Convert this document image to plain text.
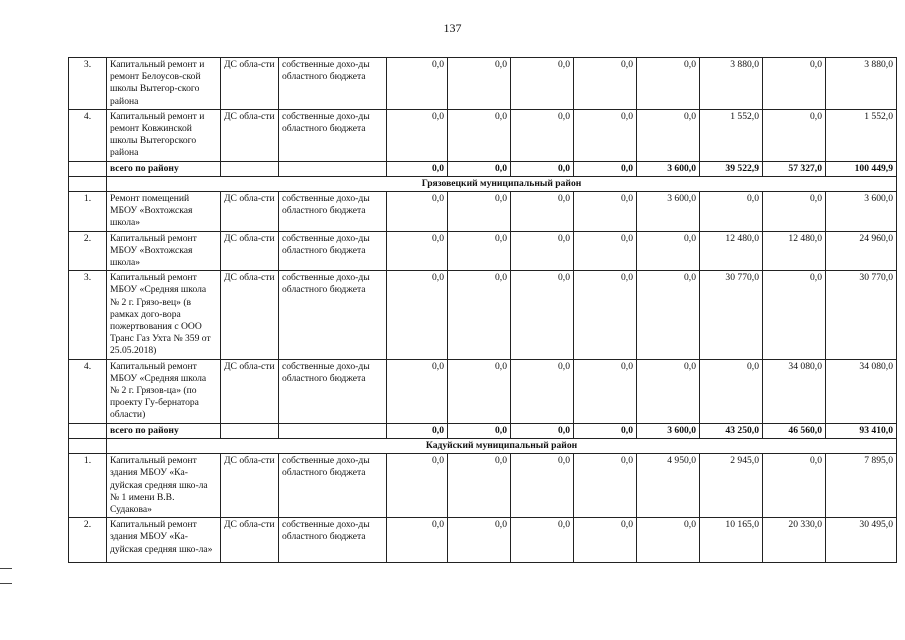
137
3.	Капитальный ремонт и ремонт Белоусов-ской школы Вытегор-ского района	ДС обла-сти	собственные дохо-ды областного бюджета	0,0	0,0	0,0	0,0	0,0	3 880,0	0,0	3 880,0
4.	Капитальный ремонт и ремонт Ковжинской школы Вытегорского района	ДС обла-сти	собственные дохо-ды областного бюджета	0,0	0,0	0,0	0,0	0,0	1 552,0	0,0	1 552,0
	всего по району			0,0	0,0	0,0	0,0	3 600,0	39 522,9	57 327,0	100 449,9
	Грязовецкий муниципальный район										
1.	Ремонт помещений МБОУ «Вохтожская школа»	ДС обла-сти	собственные дохо-ды областного бюджета	0,0	0,0	0,0	0,0	3 600,0	0,0	0,0	3 600,0
2.	Капитальный ремонт МБОУ «Вохтожская школа»	ДС обла-сти	собственные дохо-ды областного бюджета	0,0	0,0	0,0	0,0	0,0	12 480,0	12 480,0	24 960,0
3.	Капитальный ремонт МБОУ «Средняя школа № 2 г. Грязо-вец» (в рамках дого-вора пожертвования с ООО Транс Газ Ухта № 359 от 25.05.2018)	ДС обла-сти	собственные дохо-ды областного бюджета	0,0	0,0	0,0	0,0	0,0	30 770,0	0,0	30 770,0
4.	Капитальный ремонт МБОУ «Средняя школа № 2 г. Грязов-ца» (по проекту Гу-бернатора области)	ДС обла-сти	собственные дохо-ды областного бюджета	0,0	0,0	0,0	0,0	0,0	0,0	34 080,0	34 080,0
	всего по району			0,0	0,0	0,0	0,0	3 600,0	43 250,0	46 560,0	93 410,0
	Кадуйский муниципальный район										
1.	Капитальный ремонт здания МБОУ «Ка-дуйская средняя шко-ла № 1 имени В.В. Судакова»	ДС обла-сти	собственные дохо-ды областного бюджета	0,0	0,0	0,0	0,0	4 950,0	2 945,0	0,0	7 895,0
2.	Капитальный ремонт здания МБОУ «Ка-дуйская средняя шко-ла»	ДС обла-сти	собственные дохо-ды областного бюджета	0,0	0,0	0,0	0,0	0,0	10 165,0	20 330,0	30 495,0
